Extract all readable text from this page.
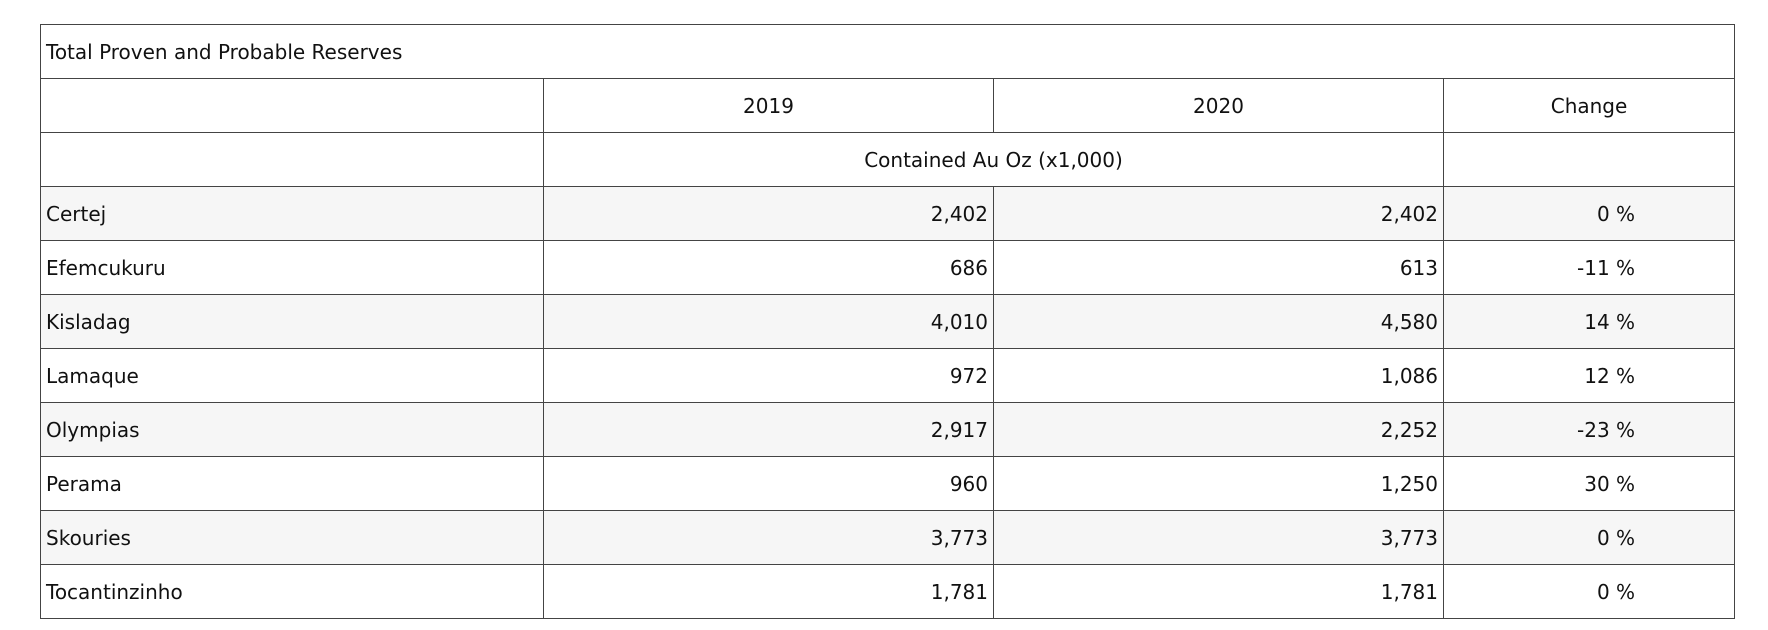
Total Proven and Probable Reserves			
	2019	2020	Change
	Contained Au Oz (x1,000)		
Certej	2,402	2,402	0 %
Efemcukuru	686	613	-11 %
Kisladag	4,010	4,580	14 %
Lamaque	972	1,086	12 %
Olympias	2,917	2,252	-23 %
Perama	960	1,250	30 %
Skouries	3,773	3,773	0 %
Tocantinzinho	1,781	1,781	0 %
